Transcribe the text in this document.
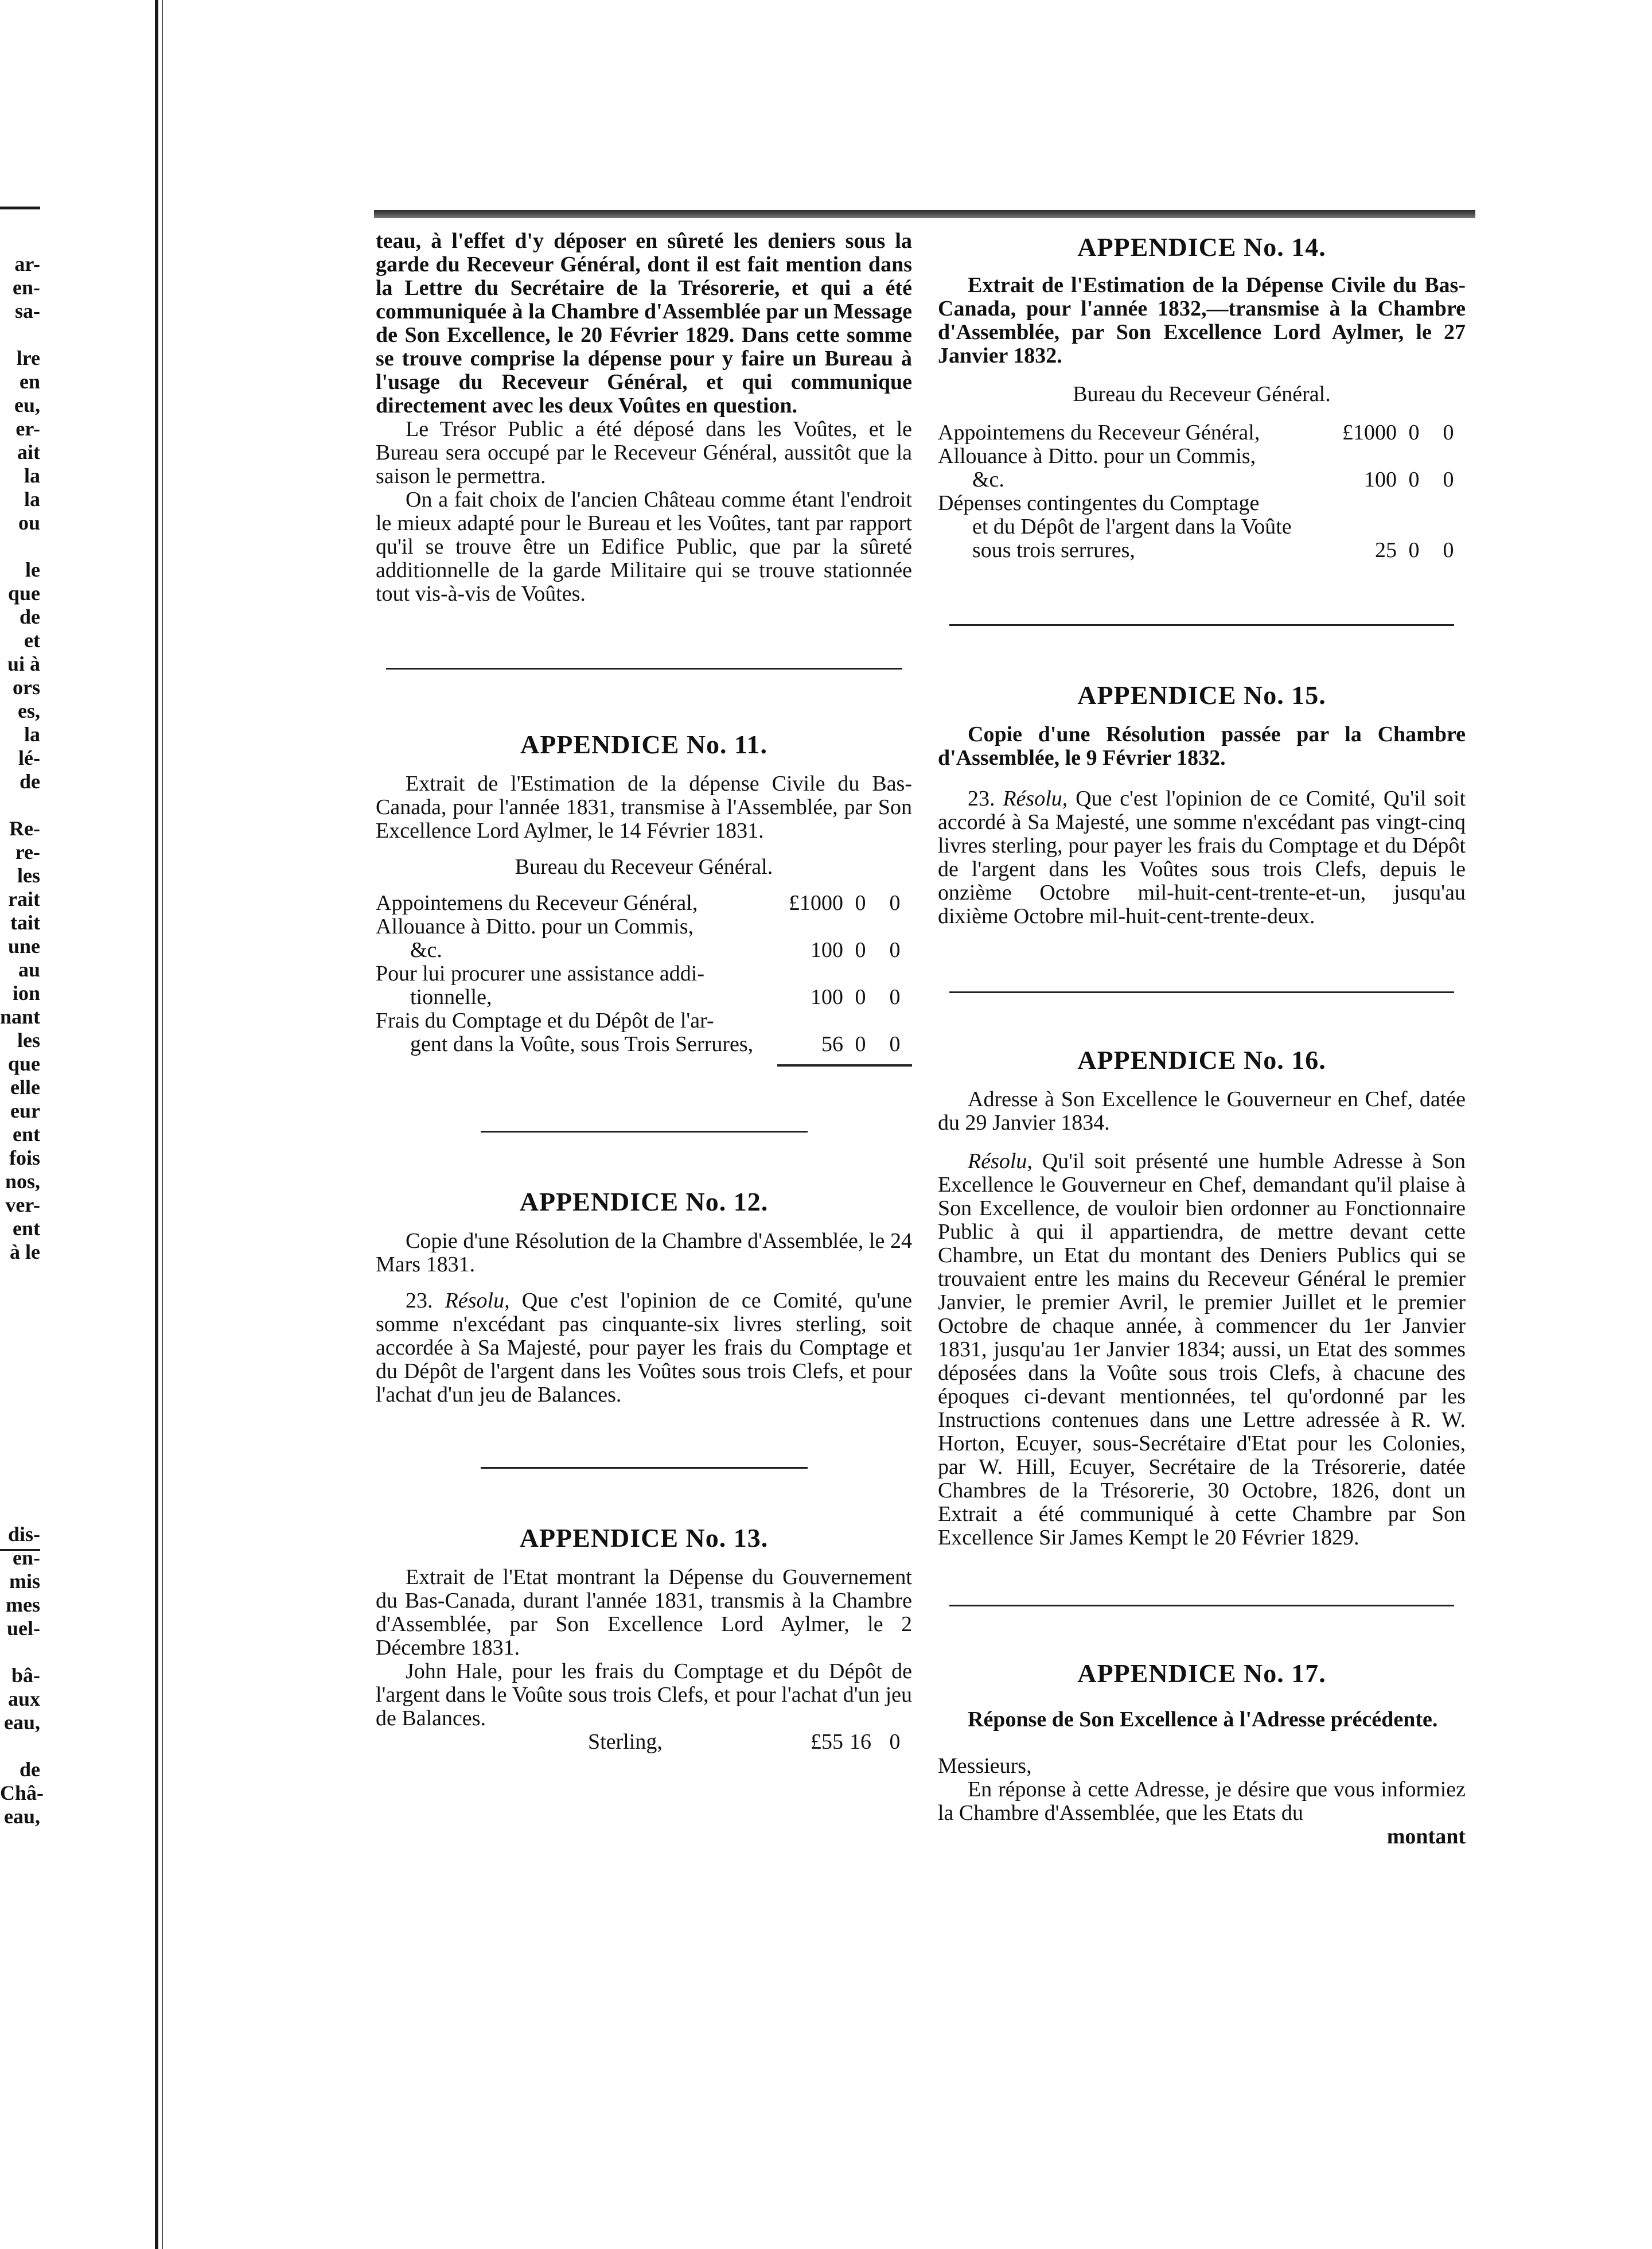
ar-
en-
sa-
lre
en
eu,
er-
ait
la
la
ou
le
que
de
et
ui à
ors
es,
la
lé-
de
Re-
re-
les
rait
tait
une
au
ion
nant
les
que
elle
eur
ent
fois
nos,
ver-
ent
à le
dis-
en-
mis
mes
uel-
bâ-
aux
eau,
de
Châ-
eau,

teau, à l'effet d'y déposer en sûreté les deniers sous la garde du Receveur Général, dont il est fait mention dans la Lettre du Secrétaire de la Trésorerie, et qui a été communiquée à la Chambre d'Assemblée par un Message de Son Excellence, le 20 Février 1829. Dans cette somme se trouve comprise la dépense pour y faire un Bureau à l'usage du Receveur Général, et qui communique directement avec les deux Voûtes en question.

Le Trésor Public a été déposé dans les Voûtes, et le Bureau sera occupé par le Receveur Général, aussitôt que la saison le permettra.

On a fait choix de l'ancien Château comme étant l'endroit le mieux adapté pour le Bureau et les Voûtes, tant par rapport qu'il se trouve être un Edifice Public, que par la sûreté additionnelle de la garde Militaire qui se trouve stationnée tout vis-à-vis de Voûtes.

APPENDICE No. 11.

Extrait de l'Estimation de la dépense Civile du Bas-Canada, pour l'année 1831, transmise à l'Assemblée, par Son Excellence Lord Aylmer, le 14 Février 1831.

Bureau du Receveur Général.

Appointemens du Receveur Général,	£1000	0	0
Allouance à Ditto. pour un Commis,
&c.	100	0	0
Pour lui procurer une assistance addi-
tionnelle,	100	0	0
Frais du Comptage et du Dépôt de l'ar-
gent dans la Voûte, sous Trois Serrures,	56	0	0

APPENDICE No. 12.

Copie d'une Résolution de la Chambre d'Assemblée, le 24 Mars 1831.

23. Résolu, Que c'est l'opinion de ce Comité, qu'une somme n'excédant pas cinquante-six livres sterling, soit accordée à Sa Majesté, pour payer les frais du Comptage et du Dépôt de l'argent dans les Voûtes sous trois Clefs, et pour l'achat d'un jeu de Balances.

APPENDICE No. 13.

Extrait de l'Etat montrant la Dépense du Gouvernement du Bas-Canada, durant l'année 1831, transmis à la Chambre d'Assemblée, par Son Excellence Lord Aylmer, le 2 Décembre 1831.

John Hale, pour les frais du Comptage et du Dépôt de l'argent dans le Voûte sous trois Clefs, et pour l'achat d'un jeu de Balances.

Sterling,	£55	16	0

APPENDICE No. 14.

Extrait de l'Estimation de la Dépense Civile du Bas-Canada, pour l'année 1832,—transmise à la Chambre d'Assemblée, par Son Excellence Lord Aylmer, le 27 Janvier 1832.

Bureau du Receveur Général.

Appointemens du Receveur Général,	£1000	0	0
Allouance à Ditto. pour un Commis,
&c.	100	0	0
Dépenses contingentes du Comptage
et du Dépôt de l'argent dans la Voûte sous trois serrures,	25	0	0

APPENDICE No. 15.

Copie d'une Résolution passée par la Chambre d'Assemblée, le 9 Février 1832.

23. Résolu, Que c'est l'opinion de ce Comité, Qu'il soit accordé à Sa Majesté, une somme n'excédant pas vingt-cinq livres sterling, pour payer les frais du Comptage et du Dépôt de l'argent dans les Voûtes sous trois Clefs, depuis le onzième Octobre mil-huit-cent-trente-et-un, jusqu'au dixième Octobre mil-huit-cent-trente-deux.

APPENDICE No. 16.

Adresse à Son Excellence le Gouverneur en Chef, datée du 29 Janvier 1834.

Résolu, Qu'il soit présenté une humble Adresse à Son Excellence le Gouverneur en Chef, demandant qu'il plaise à Son Excellence, de vouloir bien ordonner au Fonctionnaire Public à qui il appartiendra, de mettre devant cette Chambre, un Etat du montant des Deniers Publics qui se trouvaient entre les mains du Receveur Général le premier Janvier, le premier Avril, le premier Juillet et le premier Octobre de chaque année, à commencer du 1er Janvier 1831, jusqu'au 1er Janvier 1834; aussi, un Etat des sommes déposées dans la Voûte sous trois Clefs, à chacune des époques ci-devant mentionnées, tel qu'ordonné par les Instructions contenues dans une Lettre adressée à R. W. Horton, Ecuyer, sous-Secrétaire d'Etat pour les Colonies, par W. Hill, Ecuyer, Secrétaire de la Trésorerie, datée Chambres de la Trésorerie, 30 Octobre, 1826, dont un Extrait a été communiqué à cette Chambre par Son Excellence Sir James Kempt le 20 Février 1829.

APPENDICE No. 17.

Réponse de Son Excellence à l'Adresse précédente.

Messieurs,

En réponse à cette Adresse, je désire que vous informiez la Chambre d'Assemblée, que les Etats du

montant
